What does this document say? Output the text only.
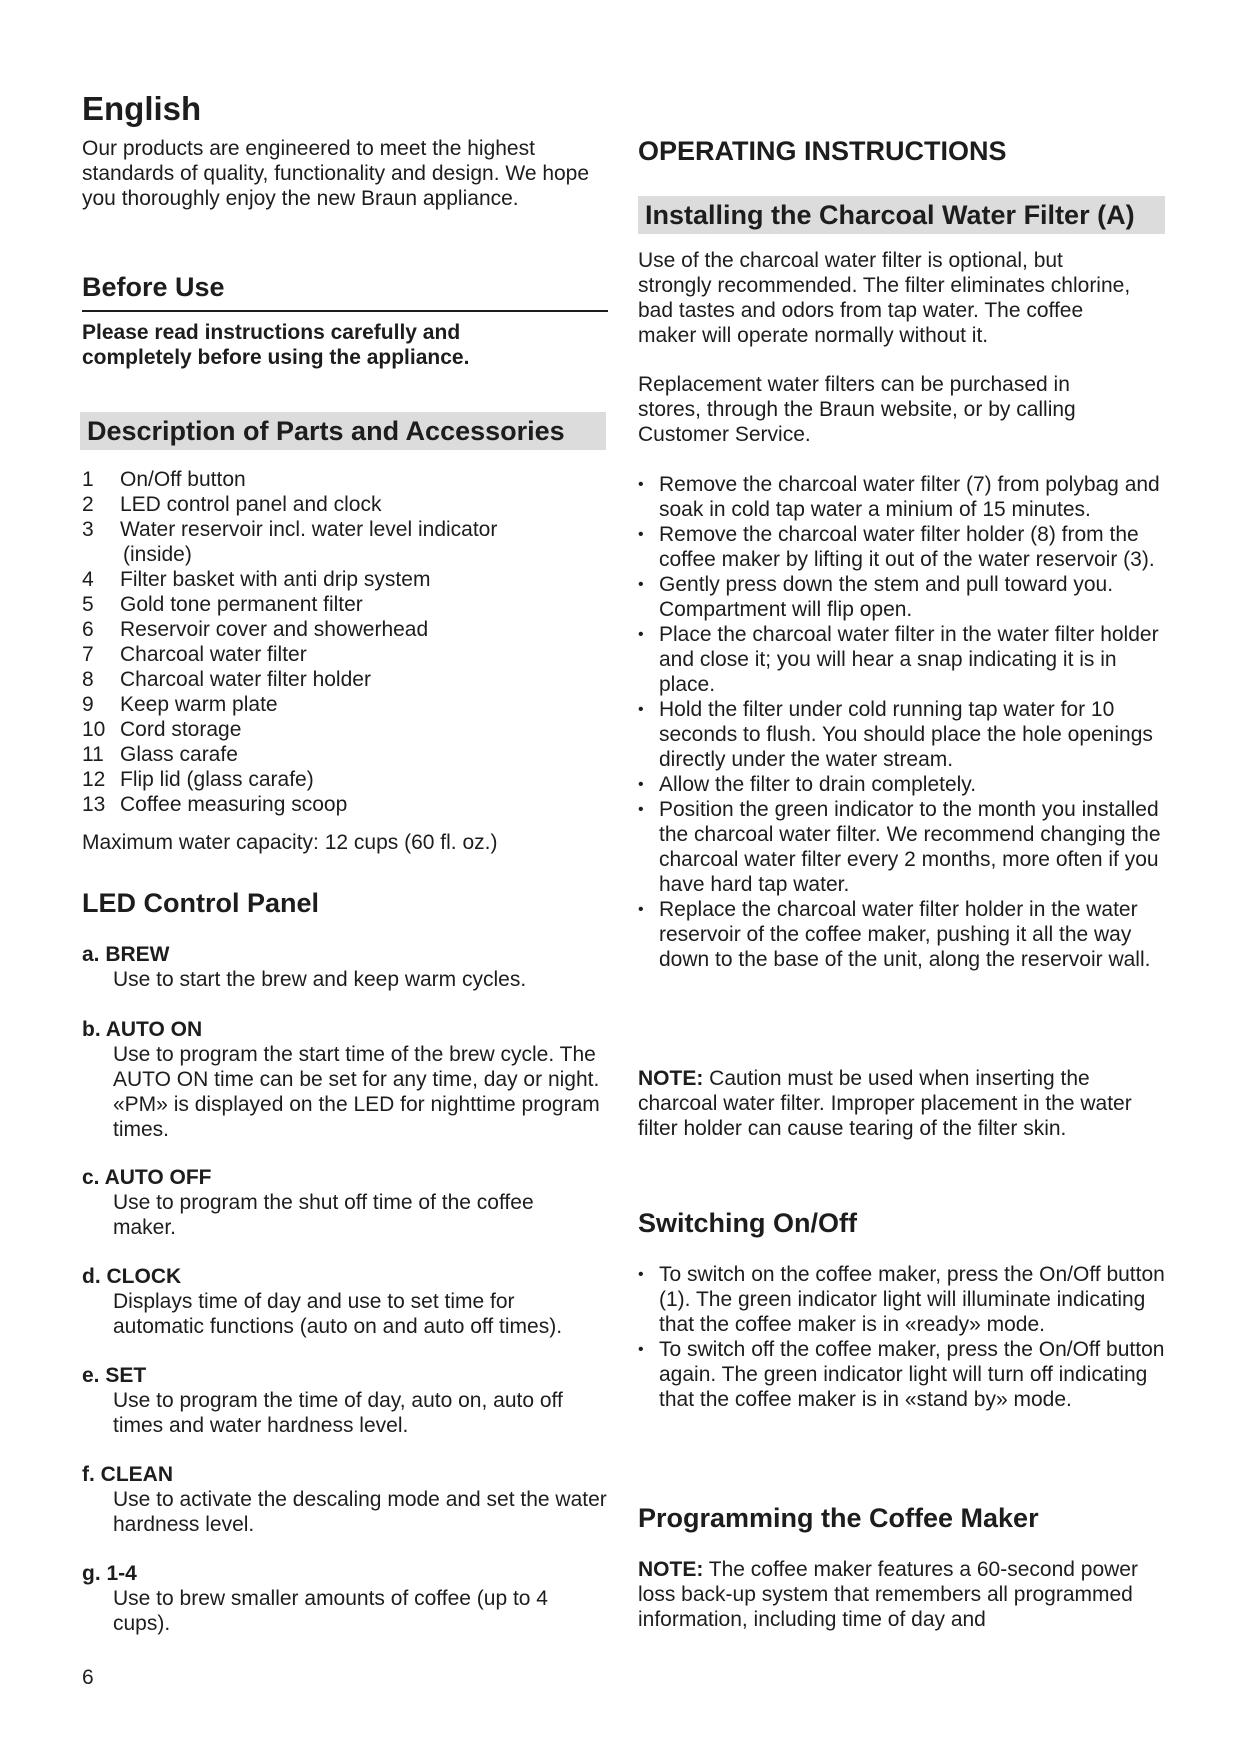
English

Our products are engineered to meet the highest standards of quality, functionality and design. We hope you thoroughly enjoy the new Braun appliance.

Before Use

Please read instructions carefully and completely before using the appliance.

Description of Parts and Accessories
1	On/Off button
2	LED control panel and clock
3	Water reservoir incl. water level indicator
(inside)
4	Filter basket with anti drip system
5	Gold tone permanent filter
6	Reservoir cover and showerhead
7	Charcoal water filter
8	Charcoal water filter holder
9	Keep warm plate
10 Cord storage
11 Glass carafe
12 Flip lid (glass carafe)
13 Coffee measuring scoop

Maximum water capacity: 12 cups (60 fl. oz.)

LED Control Panel
a. BREW
Use to start the brew and keep warm cycles.
b. AUTO ON
Use to program the start time of the brew cycle. The AUTO ON time can be set for any time, day or night. «PM» is displayed on the LED for nighttime program times.
c. AUTO OFF
Use to program the shut off time of the coffee maker.
d. CLOCK
Displays time of day and use to set time for automatic functions (auto on and auto off times).
e. SET
Use to program the time of day, auto on, auto off times and water hardness level.
f. CLEAN
Use to activate the descaling mode and set the water hardness level.
g. 1-4
Use to brew smaller amounts of coffee (up to 4 cups).
6
OPERATING INSTRUCTIONS
Installing the Charcoal Water Filter (A)

Use of the charcoal water filter is optional, but strongly recommended. The filter eliminates chlorine, bad tastes and odors from tap water. The coffee maker will operate normally without it.

Replacement water filters can be purchased in stores, through the Braun website, or by calling Customer Service.

• Remove the charcoal water filter (7) from polybag and soak in cold tap water a minium of 15 minutes.
• Remove the charcoal water filter holder (8) from the coffee maker by lifting it out of the water reservoir (3).
• Gently press down the stem and pull toward you. Compartment will flip open.
• Place the charcoal water filter in the water filter holder and close it; you will hear a snap indicating it is in place.
• Hold the filter under cold running tap water for 10 seconds to flush. You should place the hole openings directly under the water stream.
• Allow the filter to drain completely.
• Position the green indicator to the month you installed the charcoal water filter. We recommend changing the charcoal water filter every 2 months, more often if you have hard tap water.
• Replace the charcoal water filter holder in the water reservoir of the coffee maker, pushing it all the way down to the base of the unit, along the reservoir wall.

NOTE: Caution must be used when inserting the charcoal water filter. Improper placement in the water filter holder can cause tearing of the filter skin.

Switching On/Off
• To switch on the coffee maker, press the On/Off button (1). The green indicator light will illuminate indicating that the coffee maker is in «ready» mode.
• To switch off the coffee maker, press the On/Off button again. The green indicator light will turn off indicating that the coffee maker is in «stand by» mode.
Programming the Coffee Maker

NOTE: The coffee maker features a 60-second power loss back-up system that remembers all programmed information, including time of day and
